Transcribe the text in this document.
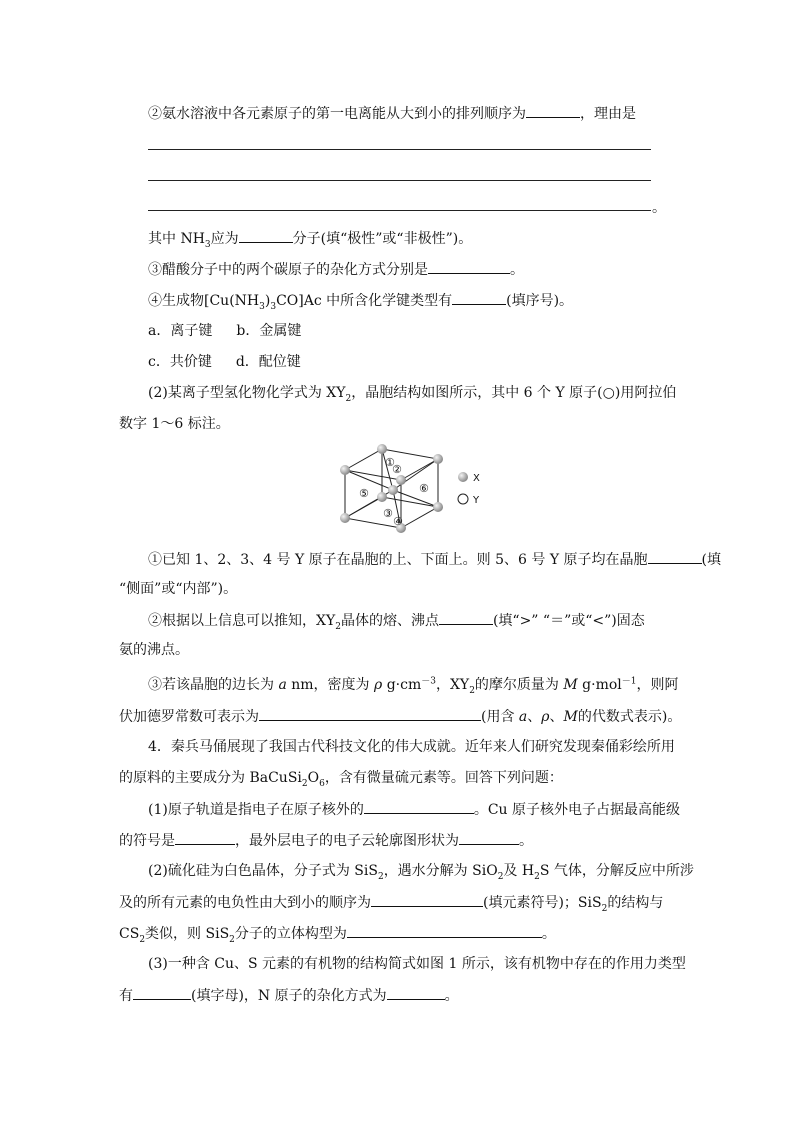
②氨水溶液中各元素原子的第一电离能从大到小的排列顺序为	，理由是
。
其中 $NH_3$应为	分子(填“极性”或“非极性”)。
③醋酸分子中的两个碳原子的杂化方式分别是	。
④生成物$[Cu(NH_3)_3CO]Ac$ 中所含化学键类型有	(填序号)。
a．离子键 b．金属键
c．共价键 d．配位键
(2)某离子型氢化物化学式为 $XY_2$，晶胞结构如图所示，其中 6 个 Y 原子(○)用阿拉伯
数字 1～6 标注。
①
②
③
④
⑤	⑥
X
Y
①已知 1、2、3、4 号 Y 原子在晶胞的上、下面上。则 5、6 号 Y 原子均在晶胞	(填
“侧面”或“内部”)。
②根据以上信息可以推知，$XY_2$晶体的熔、沸点	(填“>” “＝”或“<”)固态
氨的沸点。
③若该晶胞的边长为 a nm，密度为 ρ $g\cdot cm^{-3}$，$XY_2$的摩尔质量为 M g·mol$^{-1}$，则阿
伏加德罗常数可表示为	(用含 a、ρ、M的代数式表示)。
4．秦兵马俑展现了我国古代科技文化的伟大成就。近年来人们研究发现秦俑彩绘所用
的原料的主要成分为 $BaCuSi_2O_6$，含有微量硫元素等。回答下列问题：
(1)原子轨道是指电子在原子核外的	。Cu 原子核外电子占据最高能级
的符号是	，最外层电子的电子云轮廓图形状为	。
(2)硫化硅为白色晶体，分子式为 SiS$_2$，遇水分解为 SiO$_2$及 $H_2S$ 气体，分解反应中所涉
及的所有元素的电负性由大到小的顺序为	(填元素符号)；SiS$_2$的结构与
$CS_2$类似，则 SiS$_2$分子的立体构型为	。
(3)一种含 Cu、S 元素的有机物的结构简式如图 1 所示，该有机物中存在的作用力类型
有	(填字母)，N 原子的杂化方式为	。
